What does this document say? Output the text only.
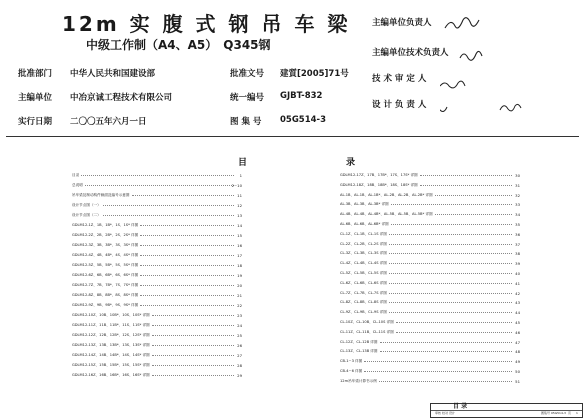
12m 实 腹 式 钢 吊 车 梁
中级工作制（A4、A5）　Q345钢
批准部门 中华人民共和国建设部	批准文号 建質[2005]71号
主编单位 中冶京诚工程技术有限公司	统一编号 GJBT-832
实行日期 二〇〇五年六月一日	图 集 号 05G514-3
主编单位负责人
主编单位技术负责人
技 术 审 定 人
设 计 负 责 人
目	录
目录	1
总说明	2~10
吊车梁及制动构件截面及编号示意图	11
设计节点图（一）	12
设计节点图（二）	13
GDLM12-1Z、1B、1B*、1S、1S* 详图	14
GDLM12-2Z、2B、2B*、2S、2S* 详图	15
GDLM12-3Z、3B、3B*、3S、3S* 详图	16
GDLM12-4Z、4B、4B*、4S、4S* 详图	17
GDLM12-5Z、5B、5B*、5S、5S* 详图	18
GDLM12-6Z、6B、6B*、6S、6S* 详图	19
GDLM12-7Z、7B、7B*、7S、7S* 详图	20
GDLM12-8Z、8B、8B*、8S、8S* 详图	21
GDLM12-9Z、9B、9B*、9S、9S* 详图	22
GDLM12-10Z、10B、10B*、10S、10S* 详图	23
GDLM12-11Z、11B、11B*、11S、11S* 详图	24
GDLM12-12Z、12B、12B*、12S、12S* 详图	25
GDLM12-13Z、13B、13B*、13S、13S* 详图	26
GDLM12-14Z、14B、14B*、14S、14S* 详图	27
GDLM12-15Z、15B、15B*、15S、15S* 详图	28
GDLM12-16Z、16B、16B*、16S、16S* 详图	29
GDLM12-17Z、17B、17B*、17S、17S* 详图	30
GDLM12-18Z、18B、18B*、18S、18S* 详图	31
AL-1B、AL-1B、AL-1B*、AL-2B、AL-2B、AL-2B* 详图	32
AL-3B、AL-3B、AL-3B* 详图	33
AL-4B、AL-4B、AL-4B*、AL-5B、AL-5B、AL-5B* 详图	34
AL-6B、AL-6B、AL-6B* 详图	35
CL-1Z、CL-1B、CL-1S 详图	36
CL-2Z、CL-2B、CL-2S 详图	37
CL-3Z、CL-3B、CL-3S 详图	38
CL-4Z、CL-4B、CL-4S 详图	39
CL-5Z、CL-5B、CL-5S 详图	40
CL-6Z、CL-6B、CL-6S 详图	41
CL-7Z、CL-7B、CL-7S 详图	42
CL-8Z、CL-8B、CL-8S 详图	43
CL-9Z、CL-9B、CL-9S 详图	44
CL-10Z、CL-10B、CL-10S 详图	45
CL-11Z、CL-11B、CL-11S 详图	46
CL-12Z、CL-12B 详图	47
CL-13Z、CL-13B 详图	48
CB-1~3 详图	49
CB-4~6 详图	50
12m吊车梁计算书示例	51
目 录
审核 校对 设计	图集号 05G514-3 页 1
